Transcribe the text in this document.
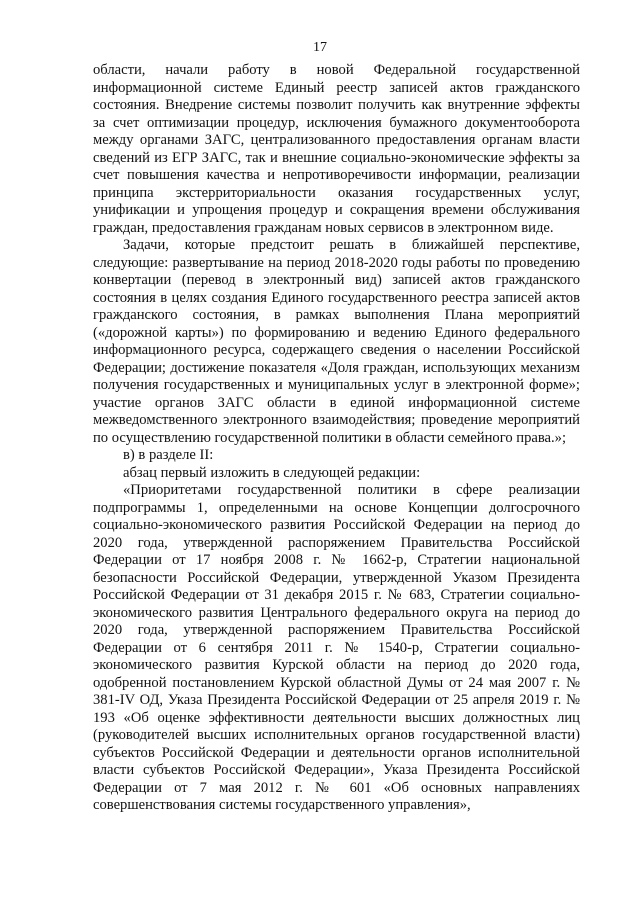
17

области, начали работу в новой Федеральной государственной информационной системе Единый реестр записей актов гражданского состояния. Внедрение системы позволит получить как внутренние эффекты за счет оптимизации процедур, исключения бумажного документооборота между органами ЗАГС, централизованного предоставления органам власти сведений из ЕГР ЗАГС, так и внешние социально-экономические эффекты за счет повышения качества и непротиворечивости информации, реализации принципа экстерриториальности оказания государственных услуг, унификации и упрощения процедур и сокращения времени обслуживания граждан, предоставления гражданам новых сервисов в электронном виде.

Задачи, которые предстоит решать в ближайшей перспективе, следующие: развертывание на период 2018-2020 годы работы по проведению конвертации (перевод в электронный вид) записей актов гражданского состояния в целях создания Единого государственного реестра записей актов гражданского состояния, в рамках выполнения Плана мероприятий («дорожной карты») по формированию и ведению Единого федерального информационного ресурса, содержащего сведения о населении Российской Федерации; достижение показателя «Доля граждан, использующих механизм получения государственных и муниципальных услуг в электронной форме»; участие органов ЗАГС области в единой информационной системе межведомственного электронного взаимодействия; проведение мероприятий по осуществлению государственной политики в области семейного права.»;

в) в разделе II:

абзац первый изложить в следующей редакции:

«Приоритетами государственной политики в сфере реализации подпрограммы 1, определенными на основе Концепции долгосрочного социально-экономического развития Российской Федерации на период до 2020 года, утвержденной распоряжением Правительства Российской Федерации от 17 ноября 2008 г. № 1662-р, Стратегии национальной безопасности Российской Федерации, утвержденной Указом Президента Российской Федерации от 31 декабря 2015 г. № 683, Стратегии социально-экономического развития Центрального федерального округа на период до 2020 года, утвержденной распоряжением Правительства Российской Федерации от 6 сентября 2011 г. № 1540-р, Стратегии социально-экономического развития Курской области на период до 2020 года, одобренной постановлением Курской областной Думы от 24 мая 2007 г. № 381-IV ОД, Указа Президента Российской Федерации от 25 апреля 2019 г. № 193 «Об оценке эффективности деятельности высших должностных лиц (руководителей высших исполнительных органов государственной власти) субъектов Российской Федерации и деятельности органов исполнительной власти субъектов Российской Федерации», Указа Президента Российской Федерации от 7 мая 2012 г. № 601 «Об основных направлениях совершенствования системы государственного управления»,
